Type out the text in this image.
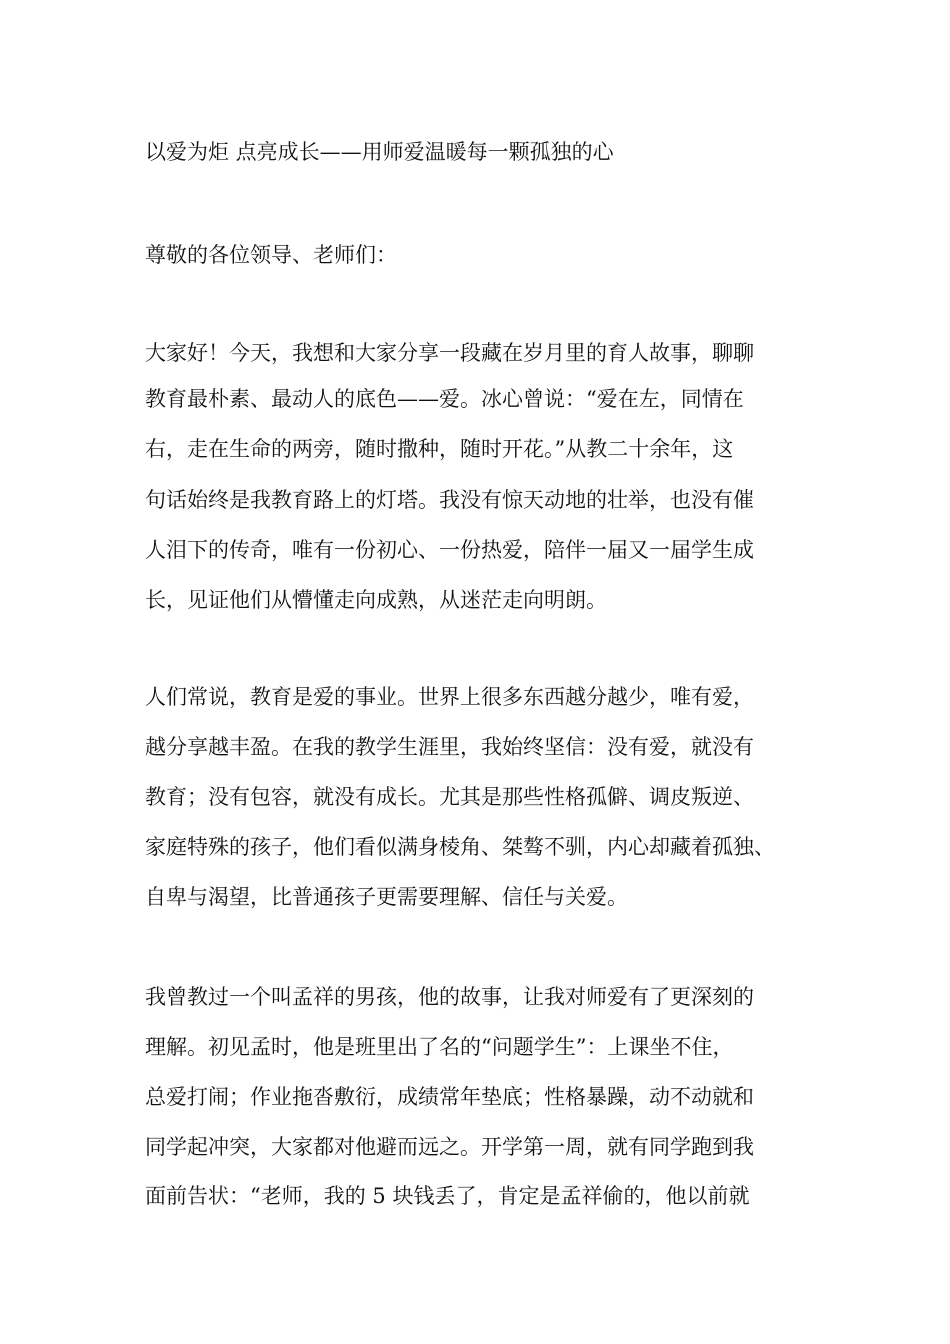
以爱为炬 点亮成长——用师爱温暖每一颗孤独的心
尊敬的各位领导、老师们：
大家好！今天，我想和大家分享一段藏在岁月里的育人故事，聊聊
教育最朴素、最动人的底色——爱。冰心曾说：“爱在左，同情在
右，走在生命的两旁，随时撒种，随时开花。”从教二十余年，这
句话始终是我教育路上的灯塔。我没有惊天动地的壮举，也没有催
人泪下的传奇，唯有一份初心、一份热爱，陪伴一届又一届学生成
长，见证他们从懵懂走向成熟，从迷茫走向明朗。
人们常说，教育是爱的事业。世界上很多东西越分越少，唯有爱，
越分享越丰盈。在我的教学生涯里，我始终坚信：没有爱，就没有
教育；没有包容，就没有成长。尤其是那些性格孤僻、调皮叛逆、
家庭特殊的孩子，他们看似满身棱角、桀骜不驯，内心却藏着孤独、
自卑与渴望，比普通孩子更需要理解、信任与关爱。
我曾教过一个叫孟祥的男孩，他的故事，让我对师爱有了更深刻的
理解。初见孟时，他是班里出了名的“问题学生”：上课坐不住，
总爱打闹；作业拖沓敷衍，成绩常年垫底；性格暴躁，动不动就和
同学起冲突，大家都对他避而远之。开学第一周，就有同学跑到我
面前告状：“老师，我的 5 块钱丢了，肯定是孟祥偷的，他以前就
